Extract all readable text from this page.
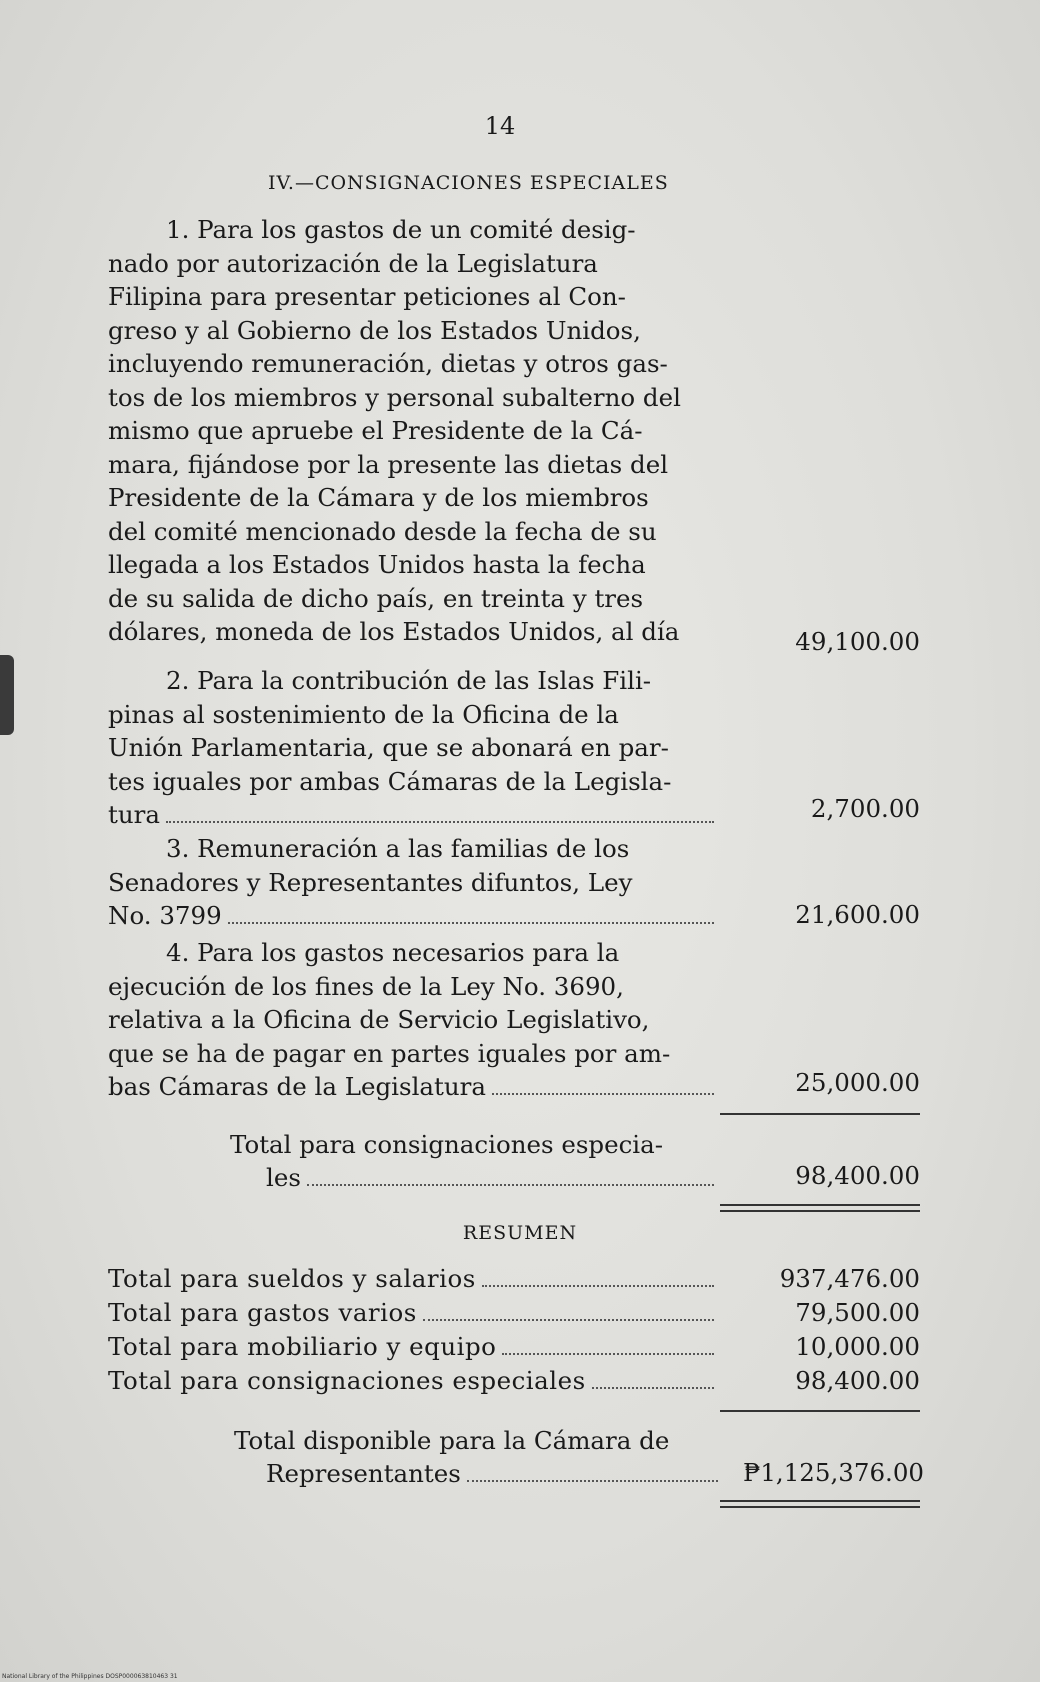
14
IV.—CONSIGNACIONES ESPECIALES
1. Para los gastos de un comité desig-
nado por autorización de la Legislatura
Filipina para presentar peticiones al Con-
greso y al Gobierno de los Estados Unidos,
incluyendo remuneración, dietas y otros gas-
tos de los miembros y personal subalterno del
mismo que apruebe el Presidente de la Cá-
mara, fijándose por la presente las dietas del
Presidente de la Cámara y de los miembros
del comité mencionado desde la fecha de su
llegada a los Estados Unidos hasta la fecha
de su salida de dicho país, en treinta y tres
dólares, moneda de los Estados Unidos, al día	49,100.00
2. Para la contribución de las Islas Fili-
pinas al sostenimiento de la Oficina de la
Unión Parlamentaria, que se abonará en par-
tes iguales por ambas Cámaras de la Legisla-
tura	2,700.00
3. Remuneración a las familias de los
Senadores y Representantes difuntos, Ley
No. 3799	21,600.00
4. Para los gastos necesarios para la
ejecución de los fines de la Ley No. 3690,
relativa a la Oficina de Servicio Legislativo,
que se ha de pagar en partes iguales por am-
bas Cámaras de la Legislatura	25,000.00
Total para consignaciones especia-
les	98,400.00
RESUMEN
Total para sueldos y salarios	937,476.00
Total para gastos varios	79,500.00
Total para mobiliario y equipo	10,000.00
Total para consignaciones especiales	98,400.00
Total disponible para la Cámara de
Representantes	₱1,125,376.00
National Library of the Philippines DOSP000063810463 31
